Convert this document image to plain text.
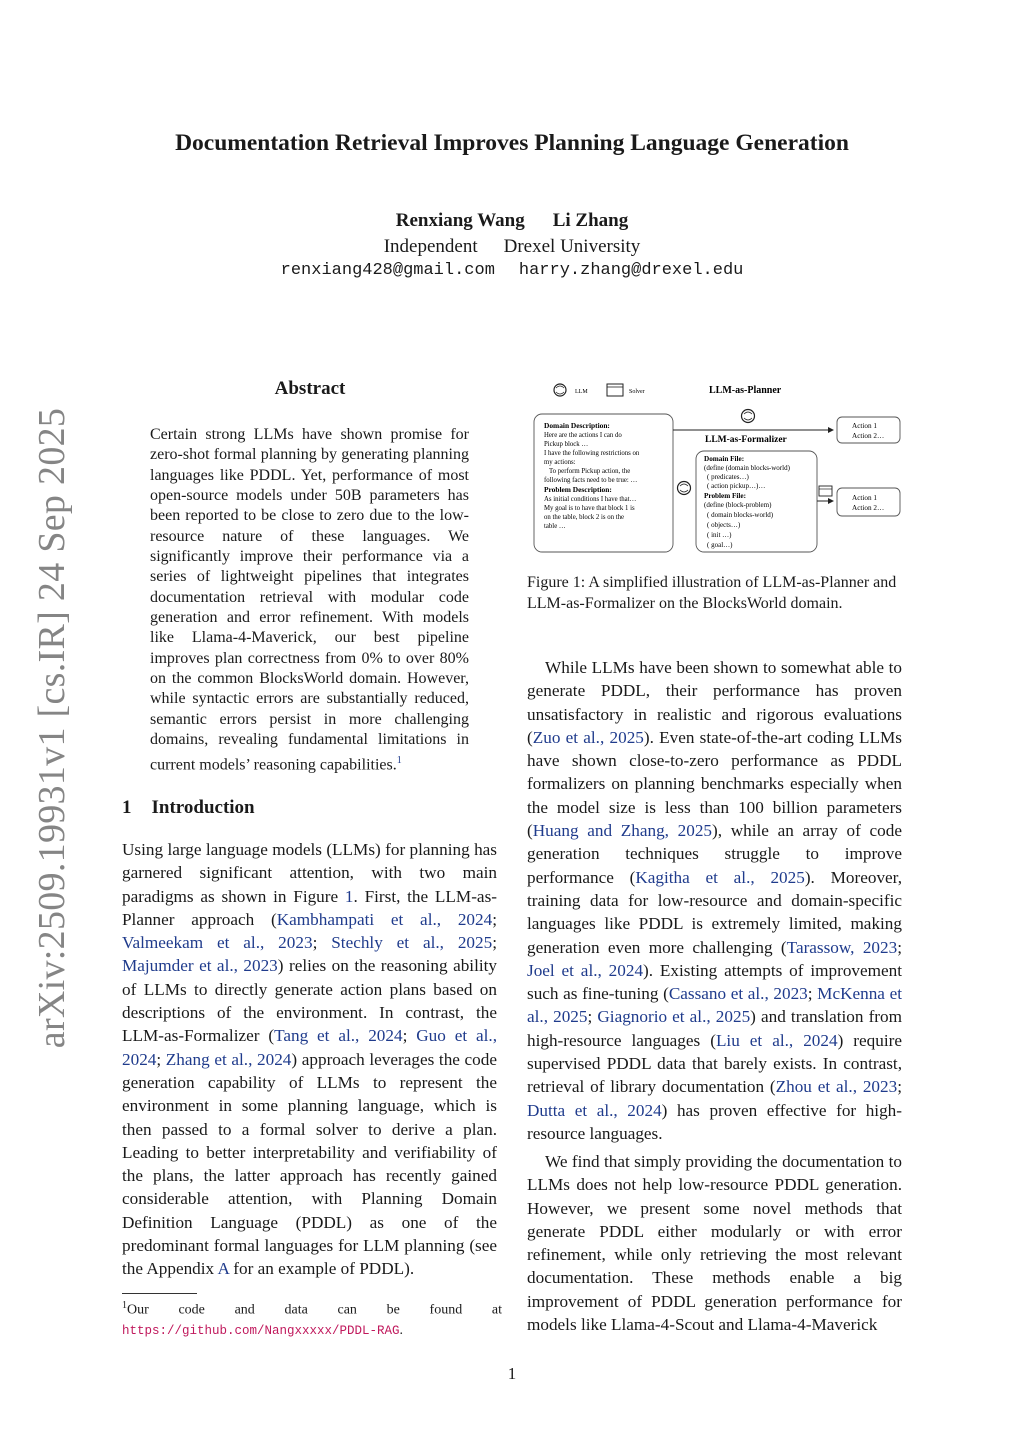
arXiv:2509.19931v1 [cs.IR] 24 Sep 2025
Documentation Retrieval Improves Planning Language Generation
Renxiang Wang Li Zhang
Independent Drexel University
renxiang428@gmail.com harry.zhang@drexel.edu
Abstract
Certain strong LLMs have shown promise for zero-shot formal planning by generating planning languages like PDDL. Yet, performance of most open-source models under 50B parameters has been reported to be close to zero due to the low-resource nature of these languages. We significantly improve their performance via a series of lightweight pipelines that integrates documentation retrieval with modular code generation and error refinement. With models like Llama-4-Maverick, our best pipeline improves plan correctness from 0% to over 80% on the common BlocksWorld domain. However, while syntactic errors are substantially reduced, semantic errors persist in more challenging domains, revealing fundamental limitations in current models’ reasoning capabilities.$^1$
1 Introduction
Using large language models (LLMs) for planning has garnered significant attention, with two main paradigms as shown in Figure 1. First, the LLM-as-Planner approach (Kambhampati et al., 2024; Valmeekam et al., 2023; Stechly et al., 2025; Majumder et al., 2023) relies on the reasoning ability of LLMs to directly generate action plans based on descriptions of the environment. In contrast, the LLM-as-Formalizer (Tang et al., 2024; Guo et al., 2024; Zhang et al., 2024) approach leverages the code generation capability of LLMs to represent the environment in some planning language, which is then passed to a formal solver to derive a plan. Leading to better interpretability and verifiability of the plans, the latter approach has recently gained considerable attention, with Planning Domain Definition Language (PDDL) as one of the predominant formal languages for LLM planning (see the Appendix A for an example of PDDL).
$^1$Our code and data can be found at https://github.com/Nangxxxxx/PDDL-RAG.
LLM	Solver	LLM-as-Planner
Domain Description:
Here are the actions I can do Pickup block … I have the following restrictions on my actions: To perform Pickup action, the following facts need to be true: …
Problem Description:
As initial conditions I have that… My goal is to have that block 1 is on the table, block 2 is on the table …
LLM-as-Formalizer
Action 1 Action 2…
Domain File:
(define (domain blocks-world) ( predicates…) ( action pickup…)…
Problem File:
(define (block-problem) ( domain blocks-world) ( objects…) ( init …) ( goal…)
Action 1 Action 2…
Figure 1: A simplified illustration of LLM-as-Planner and LLM-as-Formalizer on the BlocksWorld domain.
While LLMs have been shown to somewhat able to generate PDDL, their performance has proven unsatisfactory in realistic and rigorous evaluations (Zuo et al., 2025). Even state-of-the-art coding LLMs have shown close-to-zero performance as PDDL formalizers on planning benchmarks especially when the model size is less than 100 billion parameters (Huang and Zhang, 2025), while an array of code generation techniques struggle to improve performance (Kagitha et al., 2025). Moreover, training data for low-resource and domain-specific languages like PDDL is extremely limited, making generation even more challenging (Tarassow, 2023; Joel et al., 2024). Existing attempts of improvement such as fine-tuning (Cassano et al., 2023; McKenna et al., 2025; Giagnorio et al., 2025) and translation from high-resource languages (Liu et al., 2024) require supervised PDDL data that barely exists. In contrast, retrieval of library documentation (Zhou et al., 2023; Dutta et al., 2024) has proven effective for high-resource languages.
We find that simply providing the documentation to LLMs does not help low-resource PDDL generation. However, we present some novel methods that generate PDDL either modularly or with error refinement, while only retrieving the most relevant documentation. These methods enable a big improvement of PDDL generation performance for models like Llama-4-Scout and Llama-4-Maverick
1
